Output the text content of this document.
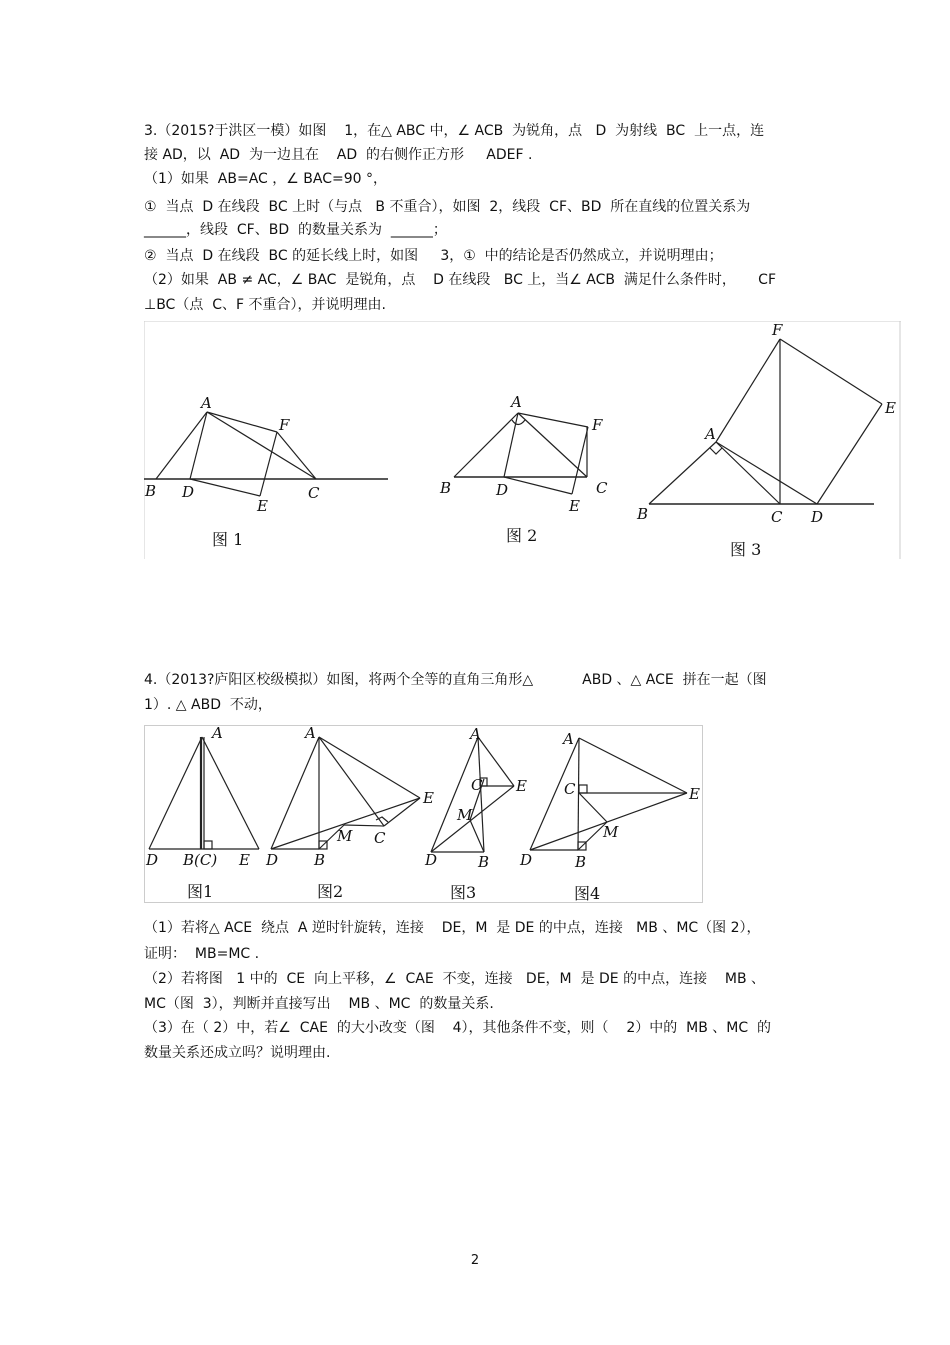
3.（2015?于洪区一模）如图    1，在△ ABC 中，∠ ACB  为锐角，点   D  为射线  BC  上一点，连
接 AD，以  AD  为一边且在    AD  的右侧作正方形     ADEF .
（1）如果  AB=AC ，∠ BAC=90 °，
①  当点  D 在线段  BC 上时（与点   B 不重合），如图  2，线段  CF、BD  所在直线的位置关系为
______，线段  CF、BD  的数量关系为  ______；
②  当点  D 在线段  BC 的延长线上时，如图     3，①  中的结论是否仍然成立，并说明理由；
（2）如果  AB ≠ AC，∠ BAC  是锐角，点    D 在线段   BC 上，当∠ ACB  满足什么条件时，     CF
⊥BC（点  C、F 不重合），并说明理由.
A
B D
E
C
F
图 1
A
B	D
E
C
F
图 2
A
B	C D
E
F
图 3
4.（2013?庐阳区校级模拟）如图，将两个全等的直角三角形△           ABD 、△ ACE  拼在一起（图
1）. △ ABD  不动，
A
D B(C) E
图1
A
D B
M C
E
图2
A
C E
M
D	B
图3
A
C	E
M
D	B
图4
（1）若将△ ACE  绕点  A 逆时针旋转，连接    DE，M  是 DE 的中点，连接   MB 、MC（图 2），
证明：  MB=MC .
（2）若将图   1 中的  CE  向上平移，∠  CAE  不变，连接   DE，M  是 DE 的中点，连接    MB 、
MC（图  3），判断并直接写出    MB 、MC  的数量关系.
（3）在（ 2）中，若∠  CAE  的大小改变（图    4），其他条件不变，则（    2）中的  MB 、MC  的
数量关系还成立吗？说明理由.
2
